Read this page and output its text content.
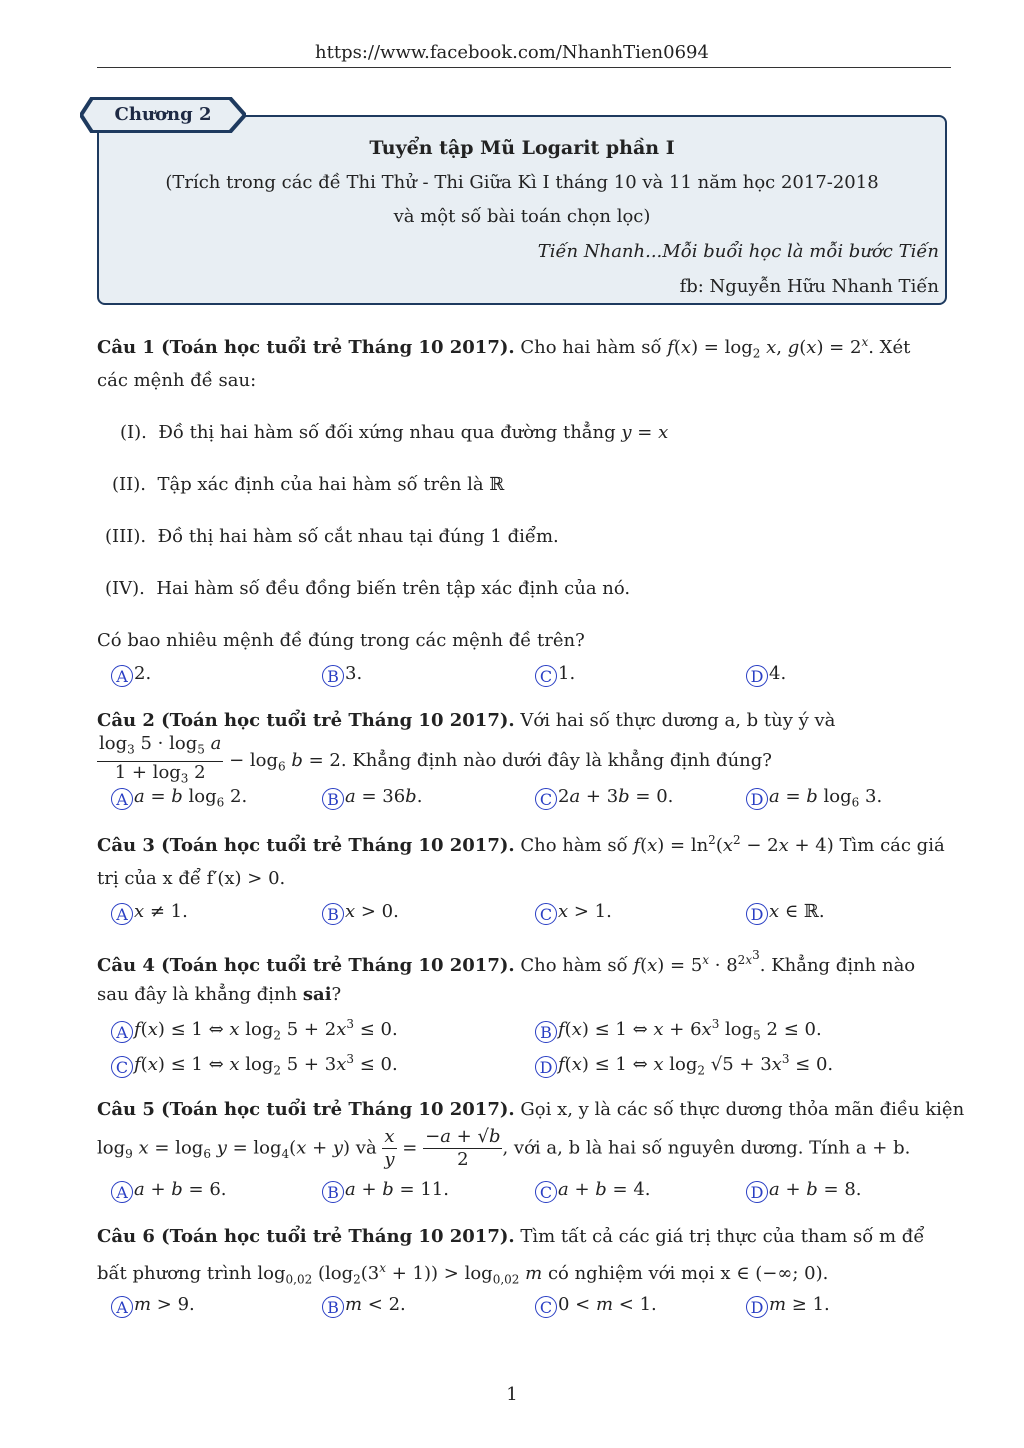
https://www.facebook.com/NhanhTien0694
Tuyển tập Mũ Logarit phần I
(Trích trong các đề Thi Thử - Thi Giữa Kì I tháng 10 và 11 năm học 2017-2018
và một số bài toán chọn lọc)
Tiến Nhanh...Mỗi buổi học là mỗi bước Tiến
fb: Nguyễn Hữu Nhanh Tiến
Chương 2
Câu 1 (Toán học tuổi trẻ Tháng 10 2017). Cho hai hàm số $f(x) = \log_2 x$, $g(x) = 2^x$. Xét
các mệnh đề sau:
(I). Đồ thị hai hàm số đối xứng nhau qua đường thẳng y = x
(II). Tập xác định của hai hàm số trên là ℝ
(III). Đồ thị hai hàm số cắt nhau tại đúng 1 điểm.
(IV). Hai hàm số đều đồng biến trên tập xác định của nó.
Có bao nhiêu mệnh đề đúng trong các mệnh đề trên?
A 2.	B 3.	C 1.	D 4.
Câu 2 (Toán học tuổi trẻ Tháng 10 2017). Với hai số thực dương a, b tùy ý và
$\frac{\log_3 5 \cdot \log_5 a}{1 + \log_3 2} - \log_6 b = 2$. Khẳng định nào dưới đây là khẳng định đúng?
A a = b $\log_6 2$.	B a = 36b.	C 2a + 3b = 0.	D a = b $\log_6 3$.
Câu 3 (Toán học tuổi trẻ Tháng 10 2017). Cho hàm số $f(x) = \ln^2(x^2 - 2x + 4)$ Tìm các giá
trị của x để f′(x) > 0.
A x ≠ 1.	B x > 0.	C x > 1.	D x ∈ ℝ.
Câu 4 (Toán học tuổi trẻ Tháng 10 2017). Cho hàm số $f(x) = 5^x \cdot 8^{2x^3}$. Khẳng định nào
sau đây là khẳng định sai?
A f(x) ≤ 1 ⇔ x $\log_2 5 + 2x^3 \le 0$.	B f(x) ≤ 1 ⇔ $x + 6x^3$ $\log_5 2 \le 0$.
C f(x) ≤ 1 ⇔ x $\log_2 5 + 3x^3 \le 0$.	D f(x) ≤ 1 ⇔ x $\log_2 √5 + 3x^3 \le 0$.
Câu 5 (Toán học tuổi trẻ Tháng 10 2017). Gọi x, y là các số thực dương thỏa mãn điều kiện
$\log_9 x = \log_6 y = \log_4(x + y)$ và $\frac{x}{y} = \frac{-a + √b}{2}$ , với a, b là hai số nguyên dương. Tính a + b.
A a + b = 6.	B a + b = 11.	C a + b = 4.	D a + b = 8.
Câu 6 (Toán học tuổi trẻ Tháng 10 2017). Tìm tất cả các giá trị thực của tham số m để
bất phương trình $\log_{0,02} (\log_2(3^x + 1)) > \log_{0,02} m$ có nghiệm với mọi x ∈ (−∞; 0).
A m > 9.	B m < 2.	C 0 < m < 1.	D m ≥ 1.
1
